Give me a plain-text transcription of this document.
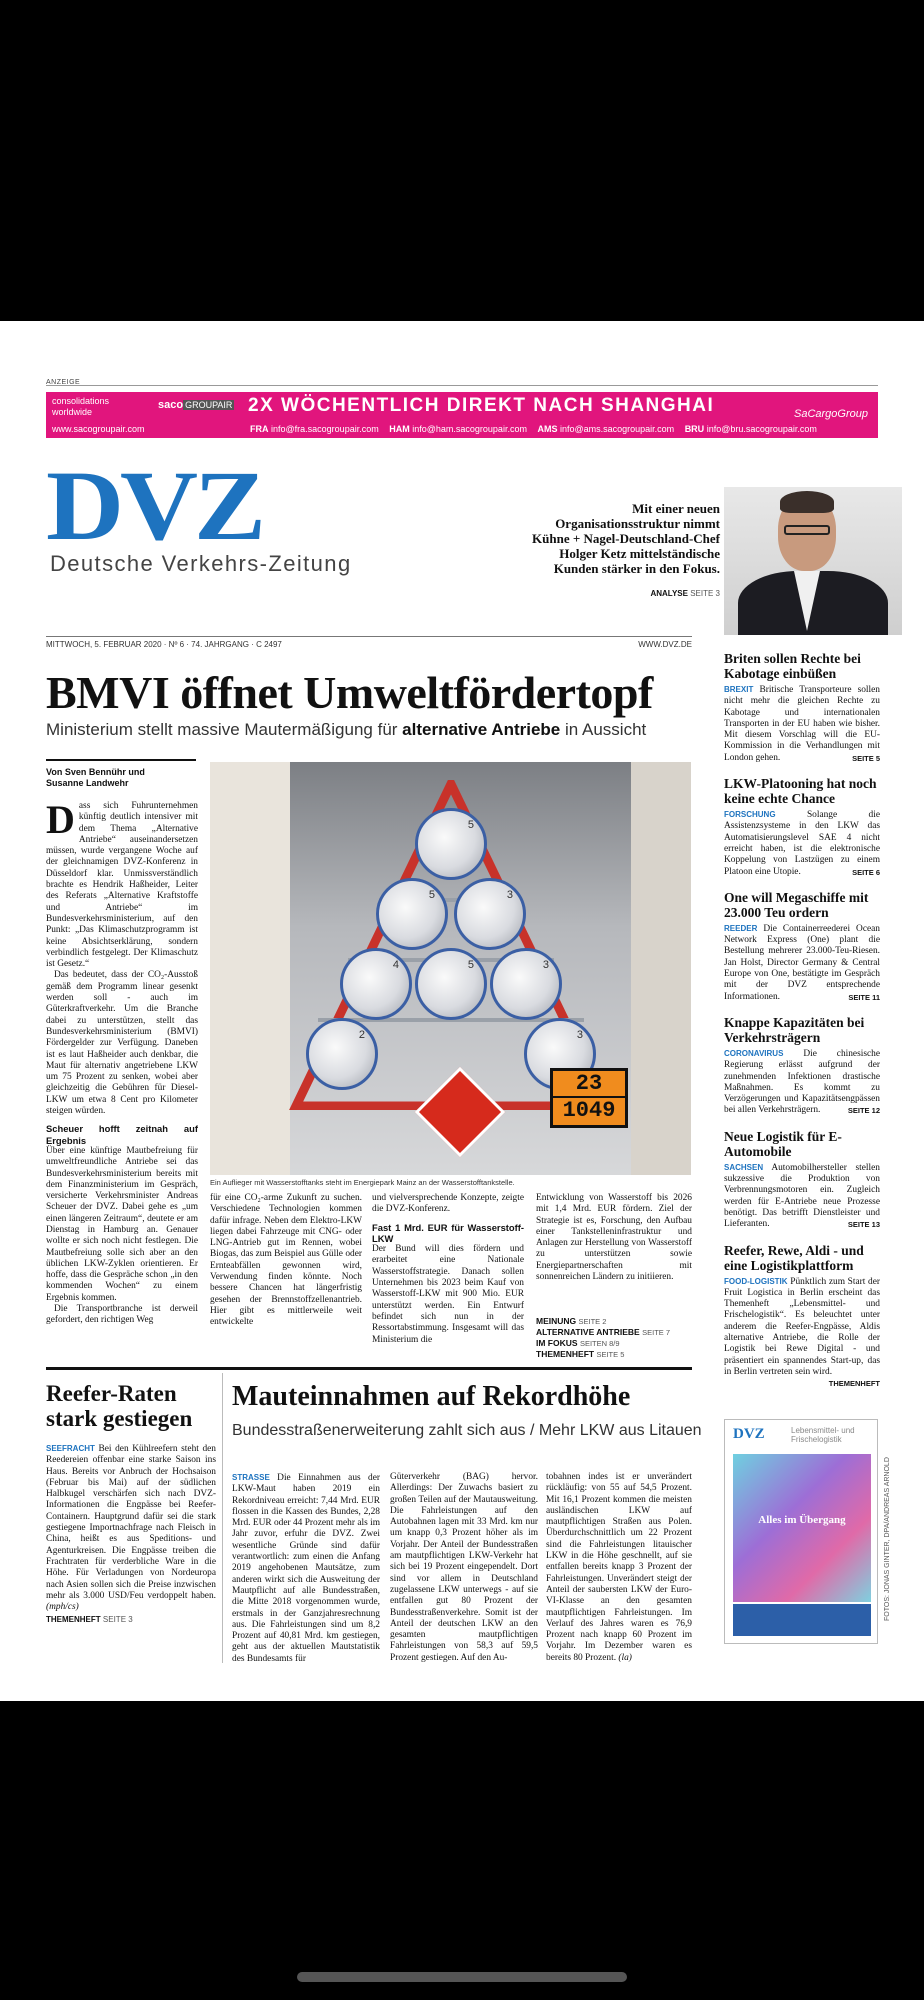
ANZEIGE
consolidations
worldwide
saco GROUPAIR 2X WÖCHENTLICH DIREKT NACH SHANGHAI
www.sacogroupair.com	FRA info@fra.sacogroupair.com HAM info@ham.sacogroupair.com AMS info@ams.sacogroupair.com BRU info@bru.sacogroupair.com
SaCargoGroup
DVZ
Deutsche Verkehrs-Zeitung
Mit einer neuen Organisationsstruktur nimmt Kühne + Nagel-Deutschland-Chef Holger Ketz mittelständische Kunden stärker in den Fokus.
ANALYSE SEITE 3
MITTWOCH, 5. FEBRUAR 2020 · Nº 6 · 74. JAHRGANG · C 2497	WWW.DVZ.DE
BMVI öffnet Umweltfördertopf
Ministerium stellt massive Mautermäßigung für alternative Antriebe in Aussicht
Von Sven Bennühr und
Susanne Landwehr

Dass sich Fuhrunternehmen künftig deutlich intensiver mit dem Thema „Alternative Antriebe“ auseinandersetzen müssen, wurde vergangene Woche auf der gleichnamigen DVZ-Konferenz in Düsseldorf klar. Unmissverständlich brachte es Hendrik Haßheider, Leiter des Referats „Alternative Kraftstoffe und Antriebe“ im Bundesverkehrsministerium, auf den Punkt: „Das Klimaschutzprogramm ist keine Absichtserklärung, sondern verbindlich festgelegt. Der Klimaschutz ist Gesetz.“

Das bedeutet, dass der CO₂-Ausstoß gemäß dem Programm linear gesenkt werden soll - auch im Güterkraftverkehr. Um die Branche dabei zu unterstützen, stellt das Bundesverkehrsministerium (BMVI) Fördergelder zur Verfügung. Daneben ist es laut Haßheider auch denkbar, die Maut für alternativ angetriebene LKW um 75 Prozent zu senken, wobei aber gleichzeitig die Gebühren für Diesel-LKW um etwa 8 Cent pro Kilometer steigen würden.

Scheuer hofft zeitnah auf Ergebnis

Über eine künftige Mautbefreiung für umweltfreundliche Antriebe sei das Bundesverkehrsministerium bereits mit dem Finanzministerium im Gespräch, versicherte Verkehrsminister Andreas Scheuer der DVZ. Dabei gehe es „um einen längeren Zeitraum“, deutete er am Dienstag in Hamburg an. Genauer wollte er sich noch nicht festlegen. Die Mautbefreiung solle sich aber an den üblichen LKW-Zyklen orientieren. Er hoffe, dass die Gespräche schon „in den kommenden Wochen“ zu einem Ergebnis kommen.

Die Transportbranche ist derweil gefordert, den richtigen Weg

5
5	3
4	5	3
2	3
23
1049
Ein Auflieger mit Wasserstofftanks steht im Energiepark Mainz an der Wasserstofftankstelle.
für eine CO₂-arme Zukunft zu suchen. Verschiedene Technologien kommen dafür infrage. Neben dem Elektro-LKW liegen dabei Fahrzeuge mit CNG- oder LNG-Antrieb gut im Rennen, wobei Biogas, das zum Beispiel aus Gülle oder Ernteabfällen gewonnen wird, Verwendung finden könnte. Noch bessere Chancen hat längerfristig gesehen der Brennstoffzellenantrieb. Hier gibt es mittlerweile weit entwickelte

und vielversprechende Konzepte, zeigte die DVZ-Konferenz.

Fast 1 Mrd. EUR für Wasserstoff-LKW

Der Bund will dies fördern und erarbeitet eine Nationale Wasserstoffstrategie. Danach sollen Unternehmen bis 2023 beim Kauf von Wasserstoff-LKW mit 900 Mio. EUR unterstützt werden. Ein Entwurf befindet sich nun in der Ressortabstimmung. Insgesamt will das Ministerium die

Entwicklung von Wasserstoff bis 2026 mit 1,4 Mrd. EUR fördern. Ziel der Strategie ist es, Forschung, den Aufbau einer Tankstelleninfrastruktur und Anlagen zur Herstellung von Wasserstoff zu unterstützen sowie Energiepartnerschaften mit sonnenreichen Ländern zu initiieren.
MEINUNG SEITE 2
ALTERNATIVE ANTRIEBE SEITE 7
IM FOKUS SEITEN 8/9
THEMENHEFT SEITE 5
Briten sollen Rechte bei Kabotage einbüßen
BREXIT Britische Transporteure sollen nicht mehr die gleichen Rechte zu Kabotage und internationalen Transporten in der EU haben wie bisher. Mit diesem Vorschlag will die EU-Kommission in die Verhandlungen mit London gehen.	SEITE 5
LKW-Platooning hat noch keine echte Chance
FORSCHUNG	Solange die Assistenzsysteme in den LKW das Automatisierungslevel SAE 4 nicht erreicht haben, ist die elektronische Koppelung von Lastzügen zu einem Platoon eine Utopie.	SEITE 6
One will Megaschiffe mit 23.000 Teu ordern
REEDER Die Containerreederei Ocean Network Express (One) plant die Bestellung mehrerer 23.000-Teu-Riesen. Jan Holst, Director Germany & Central Europe von One, bestätigte im Gespräch mit der DVZ entsprechende Informationen.	SEITE 11
Knappe Kapazitäten bei Verkehrsträgern
CORONAVIRUS Die chinesische Regierung erlässt aufgrund der zunehmenden Infektionen drastische Maßnahmen. Es kommt zu Verzögerungen und Kapazitätsengpässen bei allen Verkehrsträgern.	SEITE 12
Neue Logistik für E-Automobile
SACHSEN Automobilhersteller stellen sukzessive die Produktion von Verbrennungsmotoren ein. Zugleich werden für E-Antriebe neue Prozesse benötigt. Das betrifft Dienstleister und Lieferanten.	SEITE 13
Reefer, Rewe, Aldi - und eine Logistikplattform
FOOD-LOGISTIK Pünktlich zum Start der Fruit Logistica in Berlin erscheint das Themenheft „Lebensmittel- und Frischelogistik“. Es beleuchtet unter anderem die Reefer-Engpässe, Aldis alternative Antriebe, die Rolle der Logistik bei Rewe Digital - und präsentiert ein spannendes Start-up, das in Berlin vertreten sein wird.
THEMENHEFT
Reefer-Raten stark gestiegen
SEEFRACHT Bei den Kühlreefern steht den Reedereien offenbar eine starke Saison ins Haus. Bereits vor Anbruch der Hochsaison (Februar bis Mai) auf der südlichen Halbkugel verschärfen sich nach DVZ-Informationen die Engpässe bei Reefer-Containern. Hauptgrund dafür sei die stark gestiegene Importnachfrage nach Fleisch in China, heißt es aus Speditions- und Agenturkreisen. Die Engpässe treiben die Frachtraten für verderbliche Ware in die Höhe. Für Verladungen von Nordeuropa nach Asien sollen sich die Preise inzwischen mehr als 3.000 USD/Feu verdoppelt haben. (mph/cs)
THEMENHEFT SEITE 3
Mauteinnahmen auf Rekordhöhe
Bundesstraßenerweiterung zahlt sich aus / Mehr LKW aus Litauen
STRASSE Die Einnahmen aus der LKW-Maut haben 2019 ein Rekordniveau erreicht: 7,44 Mrd. EUR flossen in die Kassen des Bundes, 2,28 Mrd. EUR oder 44 Prozent mehr als im Jahr zuvor, erfuhr die DVZ. Zwei wesentliche Gründe sind dafür verantwortlich: zum einen die Anfang 2019 angehobenen Mautsätze, zum anderen wirkt sich die Ausweitung der Mautpflicht auf alle Bundesstraßen, die Mitte 2018 vorgenommen wurde, erstmals in der Ganzjahresrechnung aus. Die Fahrleistungen sind um 8,2 Prozent auf 40,81 Mrd. km gestiegen, geht aus der aktuellen Mautstatistik des Bundesamts für
Güterverkehr (BAG) hervor. Allerdings: Der Zuwachs basiert zu großen Teilen auf der Mautausweitung. Die Fahrleistungen auf den Autobahnen lagen mit 33 Mrd. km nur um knapp 0,3 Prozent höher als im Vorjahr. Der Anteil der Bundesstraßen am mautpflichtigen LKW-Verkehr hat sich bei 19 Prozent eingependelt. Dort sind vor allem in Deutschland zugelassene LKW unterwegs - auf sie entfallen gut 80 Prozent der Bundesstraßenverkehre. Somit ist der Anteil der deutschen LKW an den gesamten mautpflichtigen Fahrleistungen von 58,3 auf 59,5 Prozent gestiegen. Auf den Au-
tobahnen indes ist er unverändert rückläufig: von 55 auf 54,5 Prozent. Mit 16,1 Prozent kommen die meisten ausländischen LKW auf mautpflichtigen Straßen aus Polen. Überdurchschnittlich um 22 Prozent sind die Fahrleistungen litauischer LKW in die Höhe geschnellt, auf sie entfallen bereits knapp 3 Prozent der Fahrleistungen. Unverändert steigt der Anteil der saubersten LKW der Euro-VI-Klasse an den gesamten mautpflichtigen Fahrleistungen. Im Verlauf des Jahres waren es 76,9 Prozent nach knapp 60 Prozent im Vorjahr. Im Dezember waren es bereits 80 Prozent. (la)
DVZ	Lebensmittel- und Frischelogistik
Alles im Übergang	FOTOS: JONAS GINTER, DPA/ANDREAS ARNOLD
